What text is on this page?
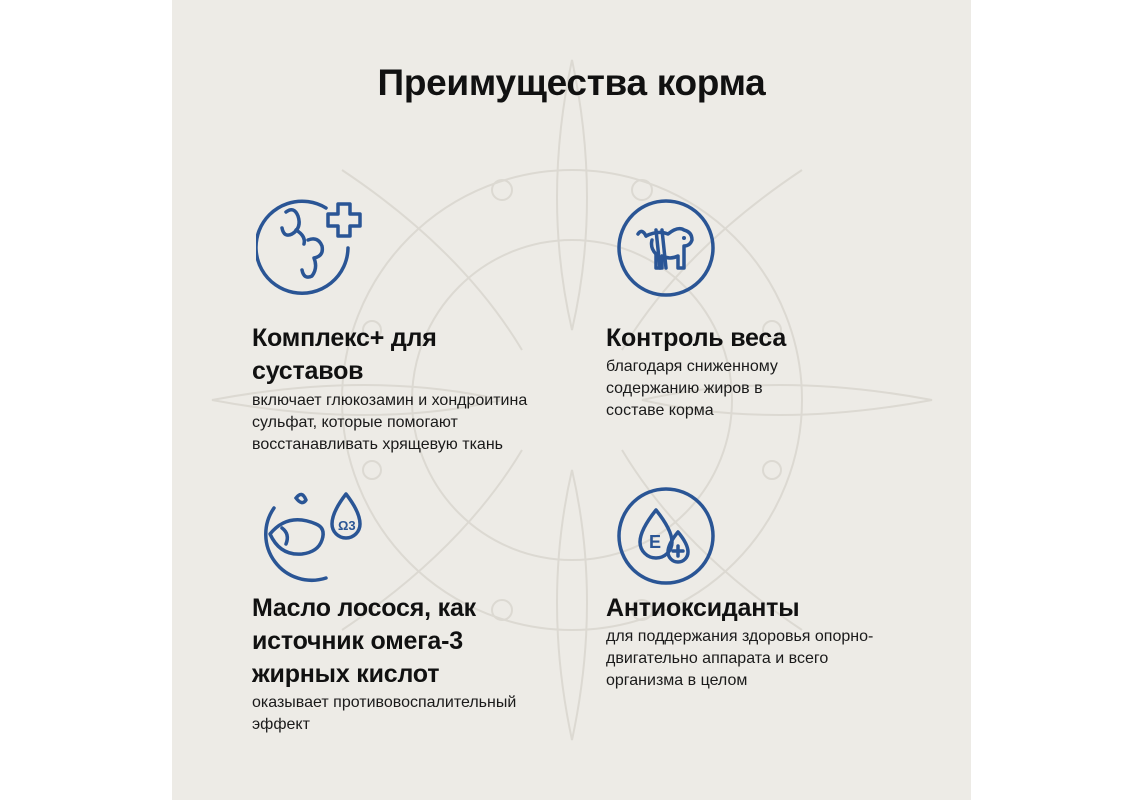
Преимущества корма
Комплекс+ для суставов
включает глюкозамин и хондроитина сульфат, которые помогают восстанавливать хрящевую ткань
Контроль веса
благодаря сниженному содержанию жиров в составе корма
Ω3
Масло лосося, как источник омега-3 жирных кислот
оказывает противовоспалительный эффект
E
Антиоксиданты
для поддержания здоровья опорно-двигательно аппарата и всего организма в целом
